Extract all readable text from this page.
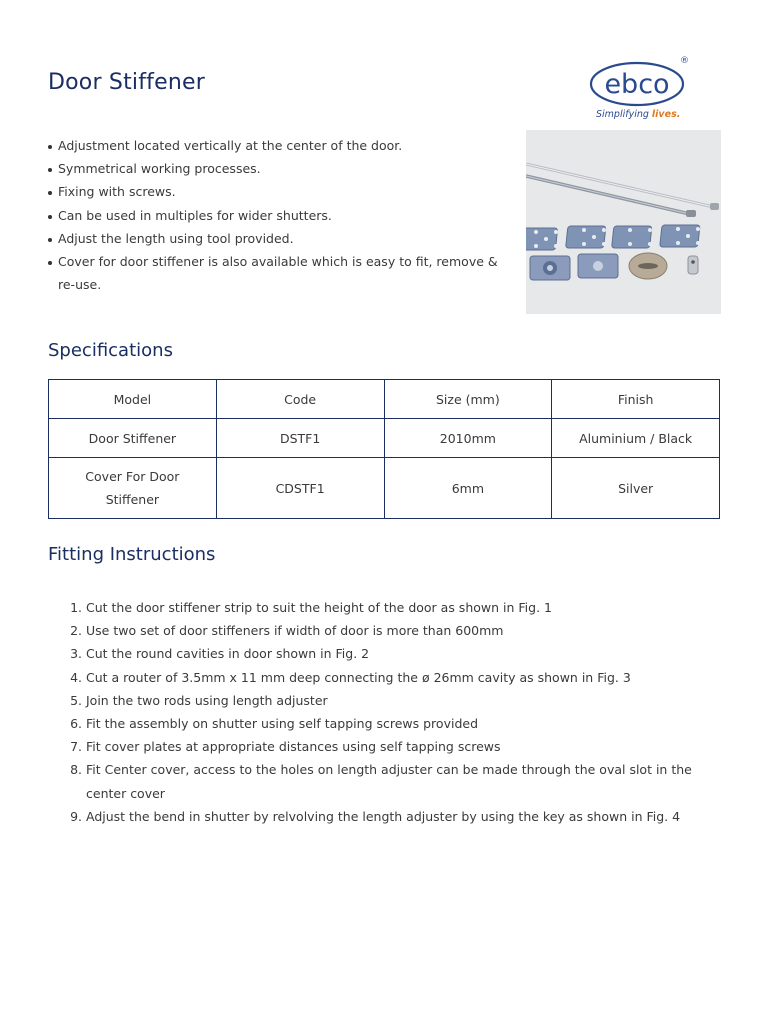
Door Stiffener	ebco
®
Simplifying lives.
Adjustment located vertically at the center of the door.
Symmetrical working processes.
Fixing with screws.
Can be used in multiples for wider shutters.
Adjust the length using tool provided.
Cover for door stiffener is also available which is easy to fit, remove & re-use.
Specifications
Model	Code	Size (mm)	Finish
Door Stiffener	DSTF1	2010mm	Aluminium / Black
Cover For Door Stiffener	CDSTF1	6mm	Silver
Fitting Instructions
1. Cut the door stiffener strip to suit the height of the door as shown in Fig. 1
2. Use two set of door stiffeners if width of door is more than 600mm
3. Cut the round cavities in door shown in Fig. 2
4. Cut a router of 3.5mm x 11 mm deep connecting the ø 26mm cavity as shown in Fig. 3
5. Join the two rods using length adjuster
6. Fit the assembly on shutter using self tapping screws provided
7. Fit cover plates at appropriate distances using self tapping screws
8. Fit Center cover, access to the holes on length adjuster can be made through the oval slot in the center cover
9. Adjust the bend in shutter by relvolving the length adjuster by using the key as shown in Fig. 4
